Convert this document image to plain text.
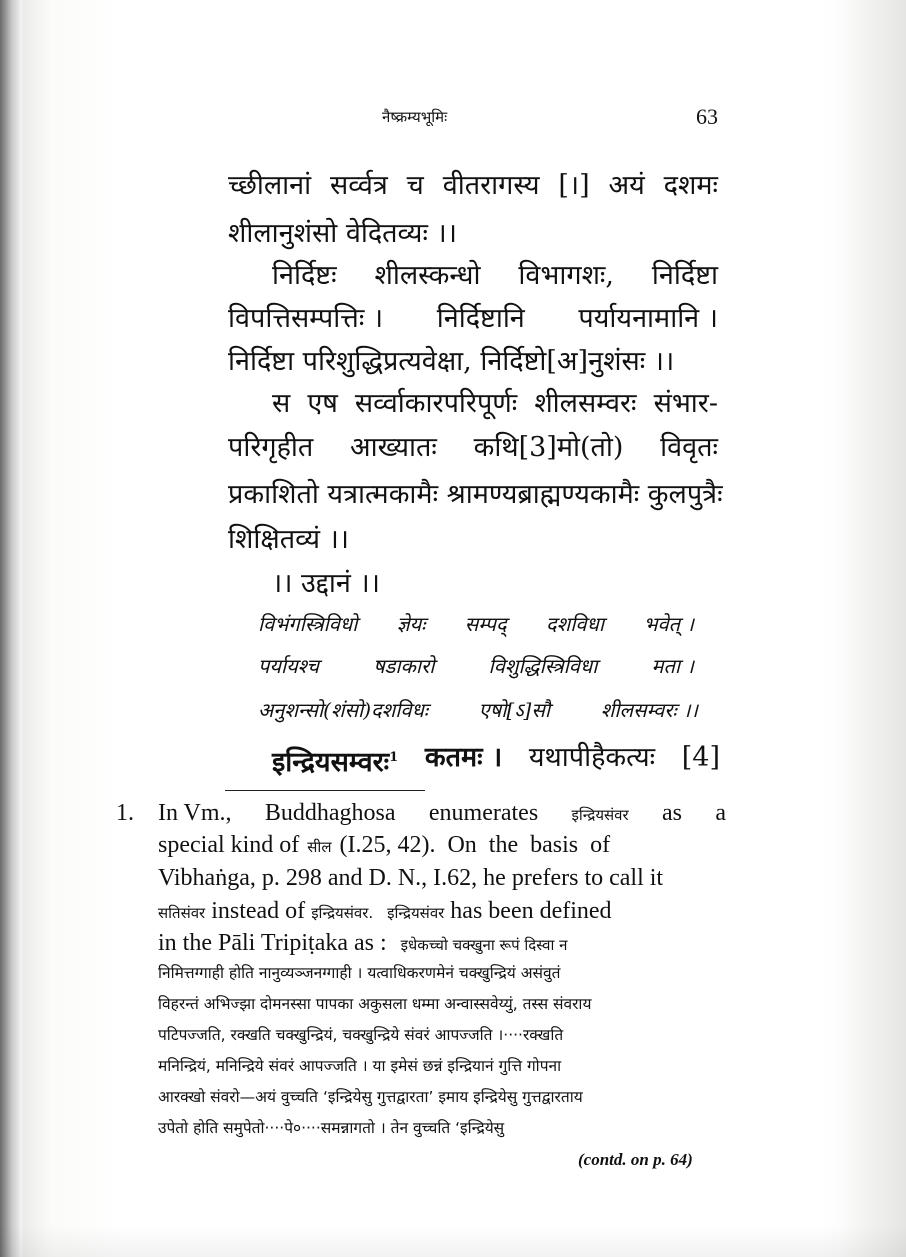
नैष्क्रम्यभूमिः	63
च्छीलानां सर्व्वत्र च वीतरागस्य [।] अयं दशमः
शीलानुशंसो वेदितव्यः ।।
निर्दिष्टः शीलस्कन्धो विभागशः, निर्दिष्टा
विपत्तिसम्पत्तिः । निर्दिष्टानि पर्यायनामानि ।
निर्दिष्टा परिशुद्धिप्रत्यवेक्षा, निर्दिष्टो[अ]नुशंसः ।।
स एष सर्व्वाकारपरिपूर्णः शीलसम्वरः संभार-
परिगृहीत आख्यातः कथि[3]मो(तो) विवृतः
प्रकाशितो यत्रात्मकामैः श्रामण्यब्राह्मण्यकामैः कुलपुत्रैः
शिक्षितव्यं ।।
।। उद्दानं ।।
विभंगस्त्रिविधो ज्ञेयः सम्पद् दशविधा भवेत् ।
पर्यायश्च	षडाकारो	विशुद्धिस्त्रिविधा	मता ।
अनुशन्सो(शंसो)दशविधः	एषो[ऽ]सौ	शीलसम्वरः ।।
इन्द्रियसम्वरः$^1$ कतमः । यथापीहैकत्यः [4]
1. In Vm., Buddhaghosa enumerates इन्द्रियसंवर as a
special kind of सील (I.25, 42).  On  the  basis  of
Vibhaṅga, p. 298 and D. N., I.62, he prefers to call it
सतिसंवर instead of इन्द्रियसंवर. इन्द्रियसंवर has been defined
in the Pāli Tripiṭaka as : इधेकच्चो चक्खुना रूपं दिस्वा न
निमित्तग्गाही होति नानुव्यञ्जनग्गाही । यत्वाधिकरणमेनं चक्खुन्द्रियं असंवुतं
विहरन्तं अभिज्झा दोमनस्सा पापका अकुसला धम्मा अन्वास्सवेय्युं, तस्स संवराय
पटिपज्जति, रक्खति चक्खुन्द्रियं, चक्खुन्द्रिये संवरं आपज्जति ।····रक्खति
मनिन्द्रियं, मनिन्द्रिये संवरं आपज्जति । या इमेसं छन्नं इन्द्रियानं गुत्ति गोपना
आरक्खो संवरो—अयं वुच्चति ‘इन्द्रियेसु गुत्तद्वारता’ इमाय इन्द्रियेसु गुत्तद्वारताय
उपेतो होति समुपेतो····पे०····समन्नागतो । तेन वुच्चति ‘इन्द्रियेसु
(contd. on p. 64)
